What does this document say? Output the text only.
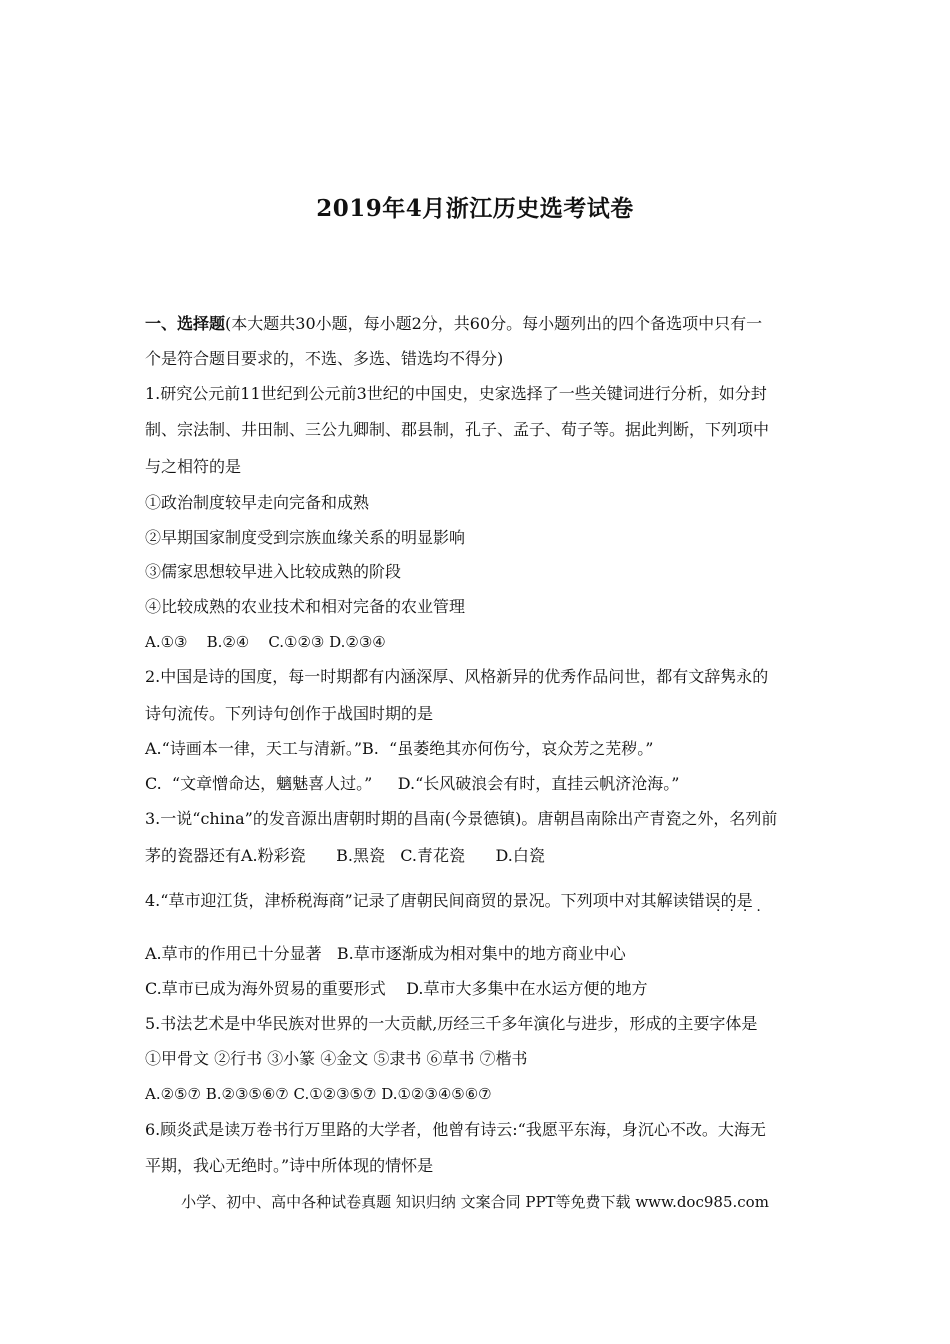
2019年4月浙江历史选考试卷
一、选择题(本大题共30小题，每小题2分，共60分。每小题列出的四个备选项中只有一
个是符合题目要求的，不选、多选、错选均不得分)
1.研究公元前11世纪到公元前3世纪的中国史，史家选择了一些关键词进行分析，如分封
制、宗法制、井田制、三公九卿制、郡县制，孔子、孟子、荀子等。据此判断，下列项中
与之相符的是
①政治制度较早走向完备和成熟
②早期国家制度受到宗族血缘关系的明显影响
③儒家思想较早进入比较成熟的阶段
④比较成熟的农业技术和相对完备的农业管理
A.①③    B.②④    C.①②③ D.②③④
2.中国是诗的国度，每一时期都有内涵深厚、风格新异的优秀作品问世，都有文辞隽永的
诗句流传。下列诗句创作于战国时期的是
A.“诗画本一律，天工与清新。”B.  “虽萎绝其亦何伤兮，哀众芳之芜秽。”
C.  “文章憎命达，魑魅喜人过。”     D.“长风破浪会有时，直挂云帆济沧海。”
3.一说“china”的发音源出唐朝时期的昌南(今景德镇)。唐朝昌南除出产青瓷之外，名列前
茅的瓷器还有A.粉彩瓷      B.黑瓷   C.青花瓷      D.白瓷
4.“草市迎江货，津桥税海商”记录了唐朝民间商贸的景况。下列项中对其解读错误的是
····
A.草市的作用已十分显著   B.草市逐渐成为相对集中的地方商业中心
C.草市已成为海外贸易的重要形式    D.草市大多集中在水运方便的地方
5.书法艺术是中华民族对世界的一大贡献,历经三千多年演化与进步，形成的主要字体是
①甲骨文 ②行书 ③小篆 ④金文 ⑤隶书 ⑥草书 ⑦楷书
A.②⑤⑦ B.②③⑤⑥⑦ C.①②③⑤⑦ D.①②③④⑤⑥⑦
6.顾炎武是读万卷书行万里路的大学者，他曾有诗云:“我愿平东海，身沉心不改。大海无
平期，我心无绝时。”诗中所体现的情怀是
小学、初中、高中各种试卷真题 知识归纳 文案合同 PPT等免费下载 www.doc985.com
